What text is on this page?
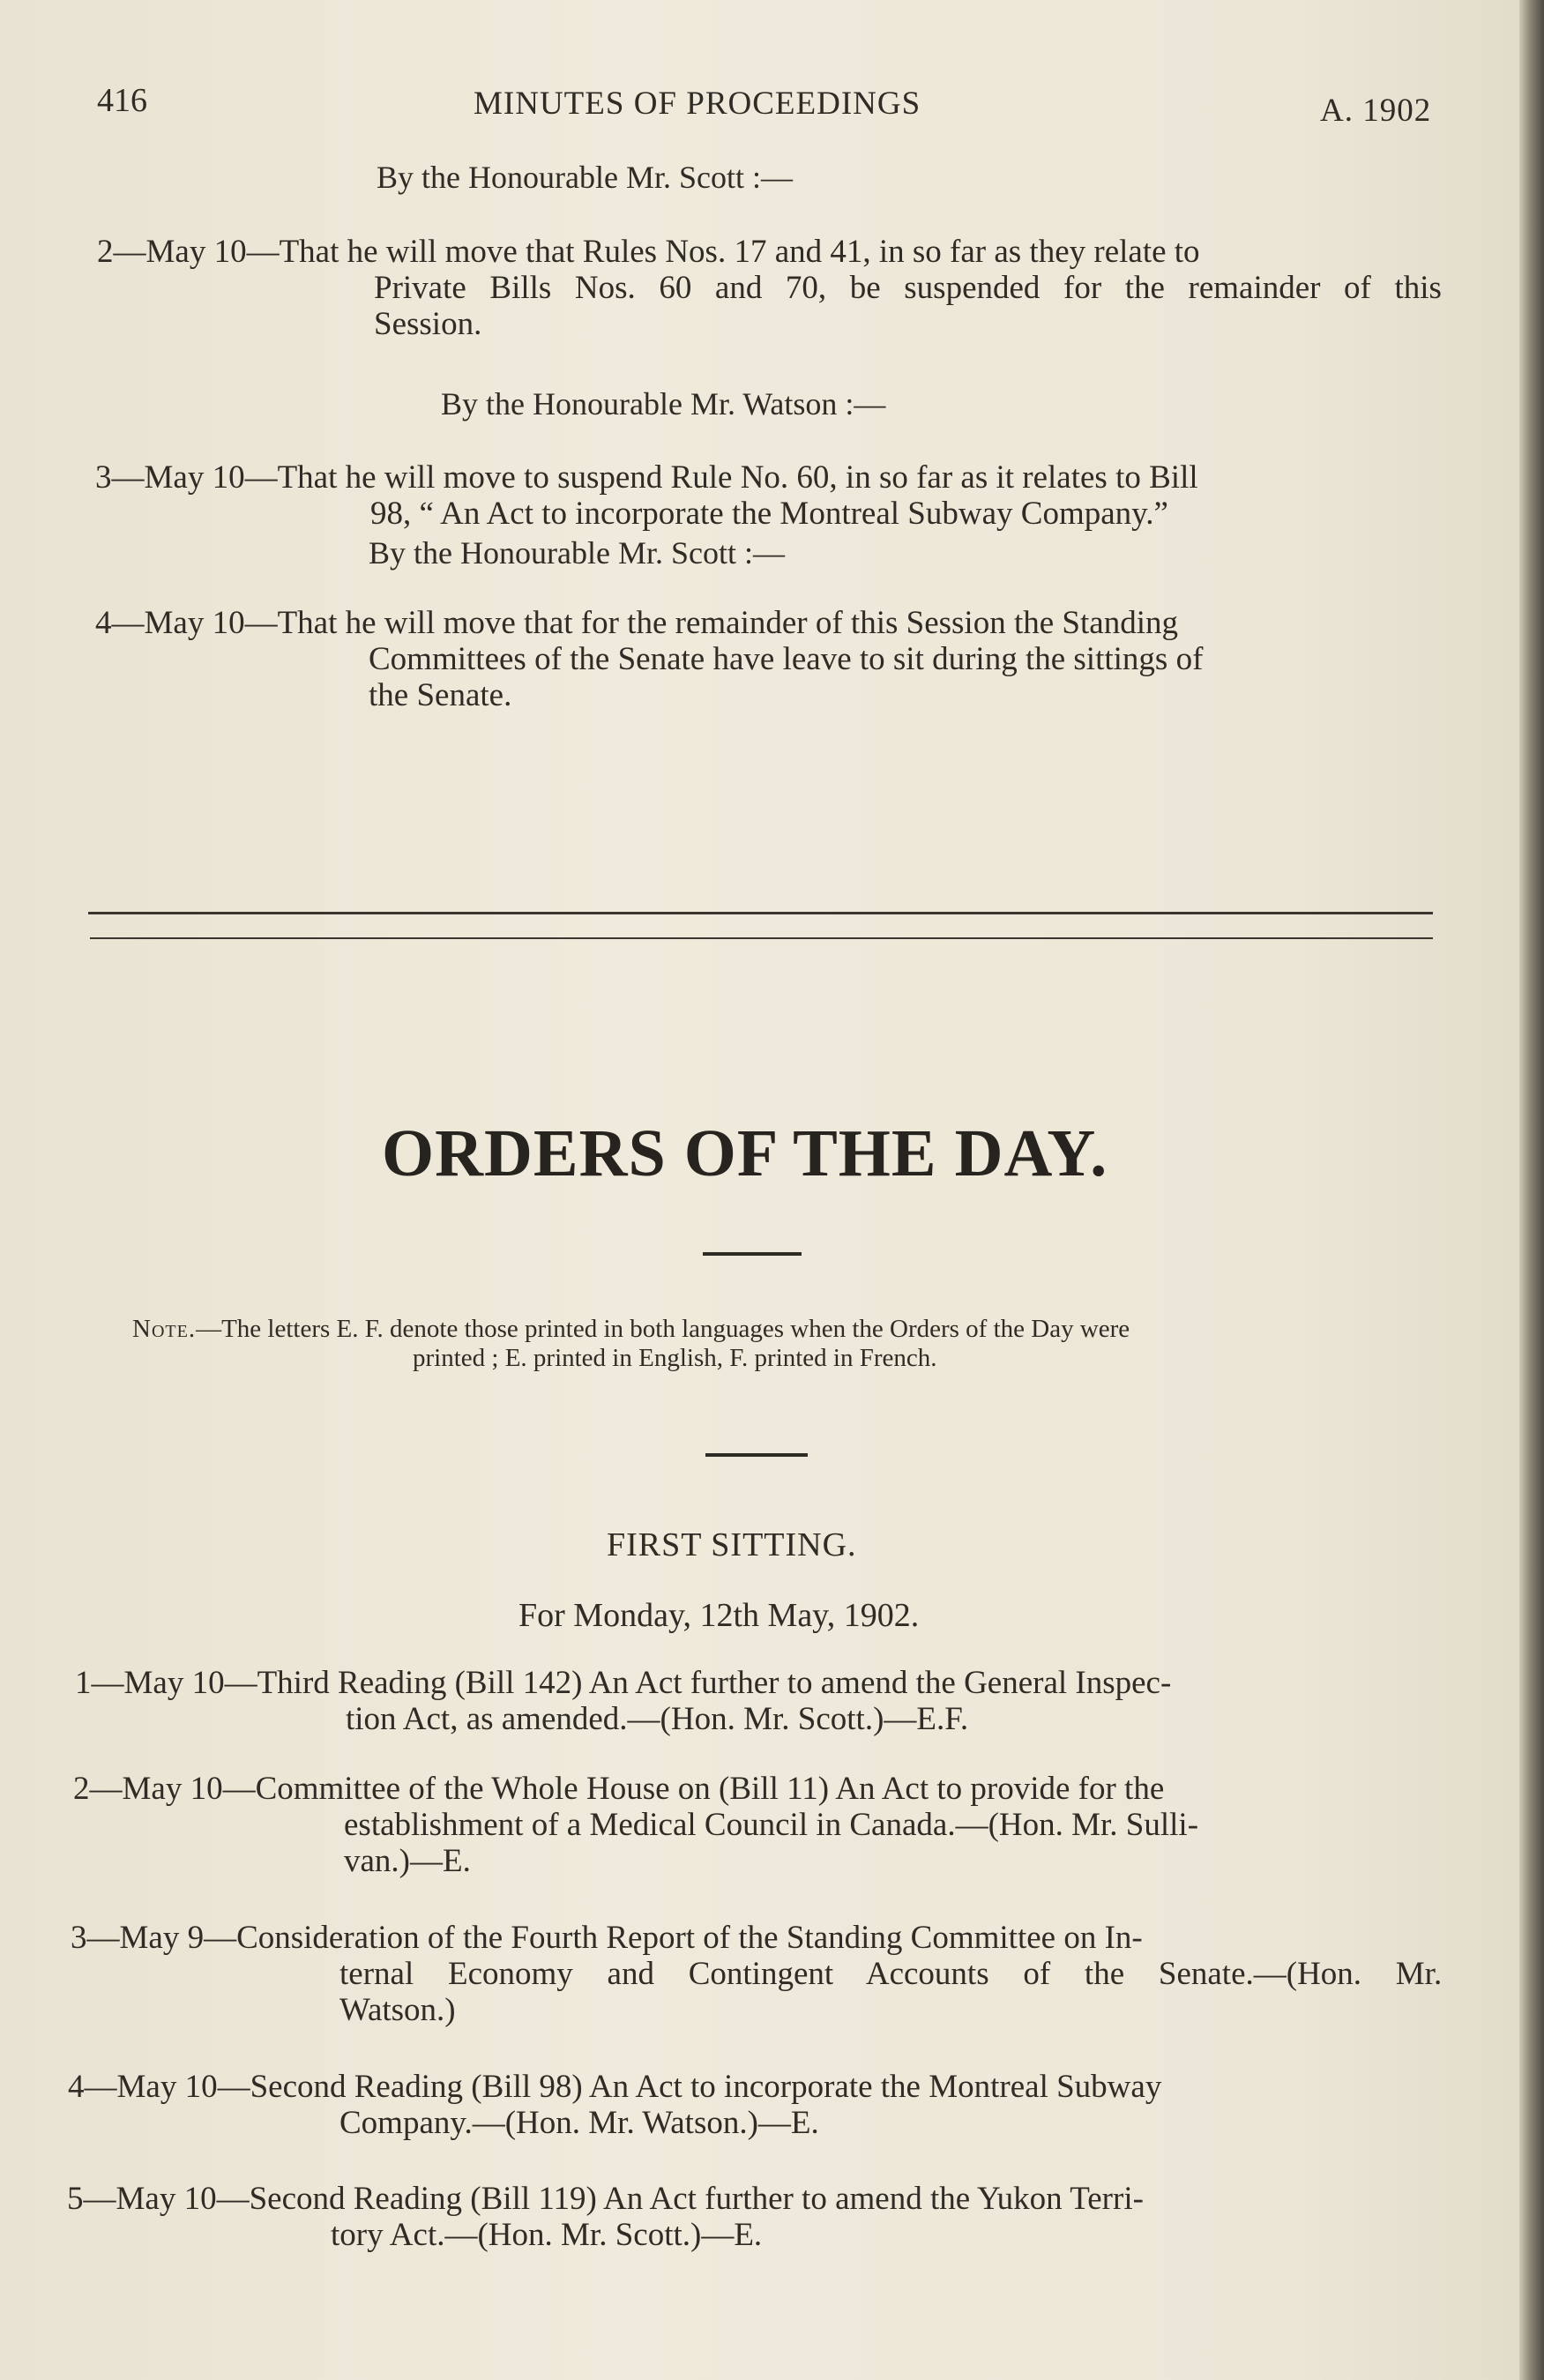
416	MINUTES OF PROCEEDINGS	A. 1902
By the Honourable Mr. Scott :—
2—May 10—That he will move that Rules Nos. 17 and 41, in so far as they relate to
Private Bills Nos. 60 and 70, be suspended for the remainder of this
Session.
By the Honourable Mr. Watson :—
3—May 10—That he will move to suspend Rule No. 60, in so far as it relates to Bill
98, “ An Act to incorporate the Montreal Subway Company.”
By the Honourable Mr. Scott :—
4—May 10—That he will move that for the remainder of this Session the Standing
Committees of the Senate have leave to sit during the sittings of
the Senate.
ORDERS OF THE DAY.
Note.—The letters E. F. denote those printed in both languages when the Orders of the Day were
printed ; E. printed in English, F. printed in French.
FIRST SITTING.
For Monday, 12th May, 1902.
1—May 10—Third Reading (Bill 142) An Act further to amend the General Inspec-
tion Act, as amended.—(Hon. Mr. Scott.)—E.F.
2—May 10—Committee of the Whole House on (Bill 11) An Act to provide for the
establishment of a Medical Council in Canada.—(Hon. Mr. Sulli-
van.)—E.
3—May 9—Consideration of the Fourth Report of the Standing Committee on In-
ternal Economy and Contingent Accounts of the Senate.—(Hon. Mr.
Watson.)
4—May 10—Second Reading (Bill 98) An Act to incorporate the Montreal Subway
Company.—(Hon. Mr. Watson.)—E.
5—May 10—Second Reading (Bill 119) An Act further to amend the Yukon Terri-
tory Act.—(Hon. Mr. Scott.)—E.
